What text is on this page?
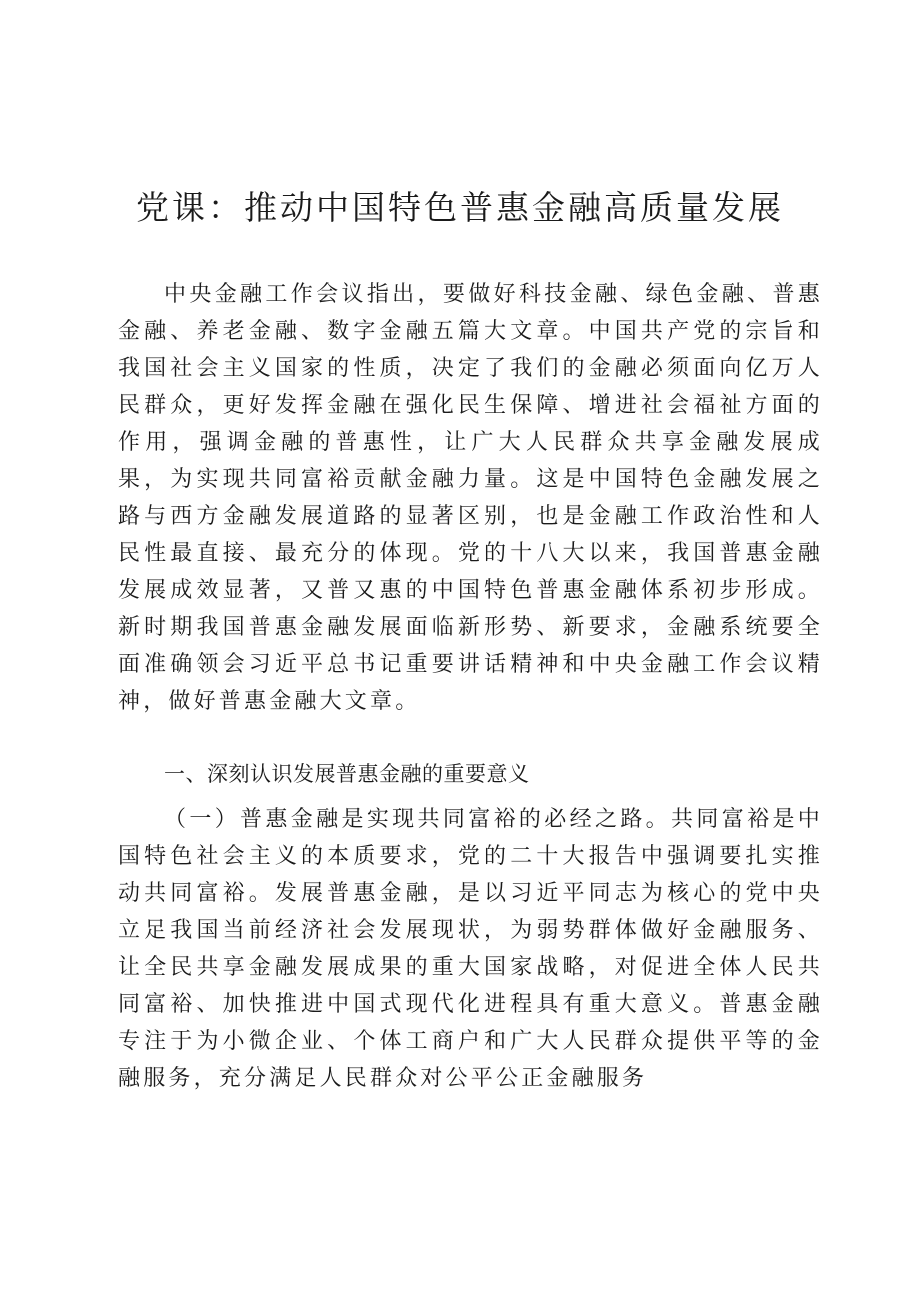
党课：推动中国特色普惠金融高质量发展

中央金融工作会议指出，要做好科技金融、绿色金融、普惠金融、养老金融、数字金融五篇大文章。中国共产党的宗旨和我国社会主义国家的性质，决定了我们的金融必须面向亿万人民群众，更好发挥金融在强化民生保障、增进社会福祉方面的作用，强调金融的普惠性，让广大人民群众共享金融发展成果，为实现共同富裕贡献金融力量。这是中国特色金融发展之路与西方金融发展道路的显著区别，也是金融工作政治性和人民性最直接、最充分的体现。党的十八大以来，我国普惠金融发展成效显著，又普又惠的中国特色普惠金融体系初步形成。新时期我国普惠金融发展面临新形势、新要求，金融系统要全面准确领会习近平总书记重要讲话精神和中央金融工作会议精神，做好普惠金融大文章。

一、深刻认识发展普惠金融的重要意义

（一）普惠金融是实现共同富裕的必经之路。共同富裕是中国特色社会主义的本质要求，党的二十大报告中强调要扎实推动共同富裕。发展普惠金融，是以习近平同志为核心的党中央立足我国当前经济社会发展现状，为弱势群体做好金融服务、让全民共享金融发展成果的重大国家战略，对促进全体人民共同富裕、加快推进中国式现代化进程具有重大意义。普惠金融专注于为小微企业、个体工商户和广大人民群众提供平等的金融服务，充分满足人民群众对公平公正金融服务
